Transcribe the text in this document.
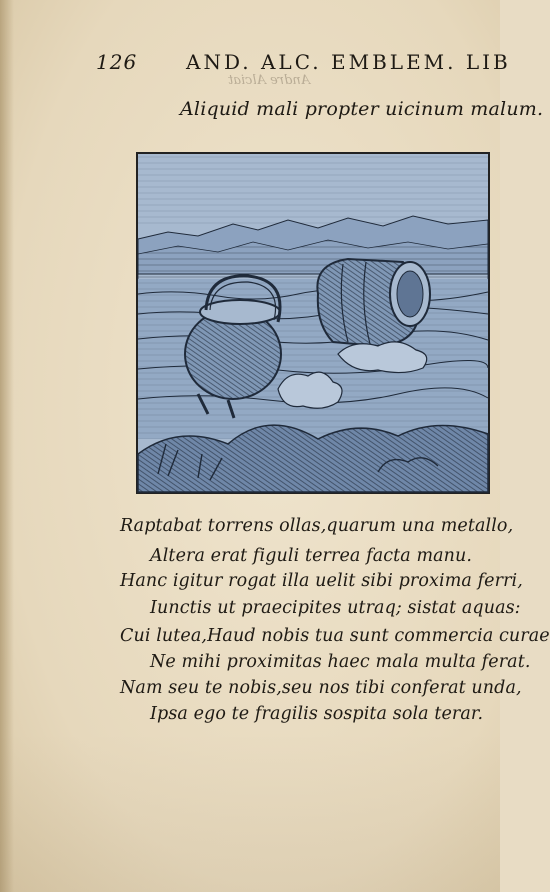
126 AND. ALC. EMBLEM. LIB
Andre Alciat
Aliquid mali propter uicinum malum.
Raptabat torrens ollas,quarum una metallo,
Altera erat figuli terrea facta manu.
Hanc igitur rogat illa uelit sibi proxima ferri,
Iunctis ut praecipites utraq; sistat aquas:
Cui lutea,Haud nobis tua sunt commercia curae
Ne mihi proximitas haec mala multa ferat.
Nam seu te nobis,seu nos tibi conferat unda,
Ipsa ego te fragilis sospita sola terar.
